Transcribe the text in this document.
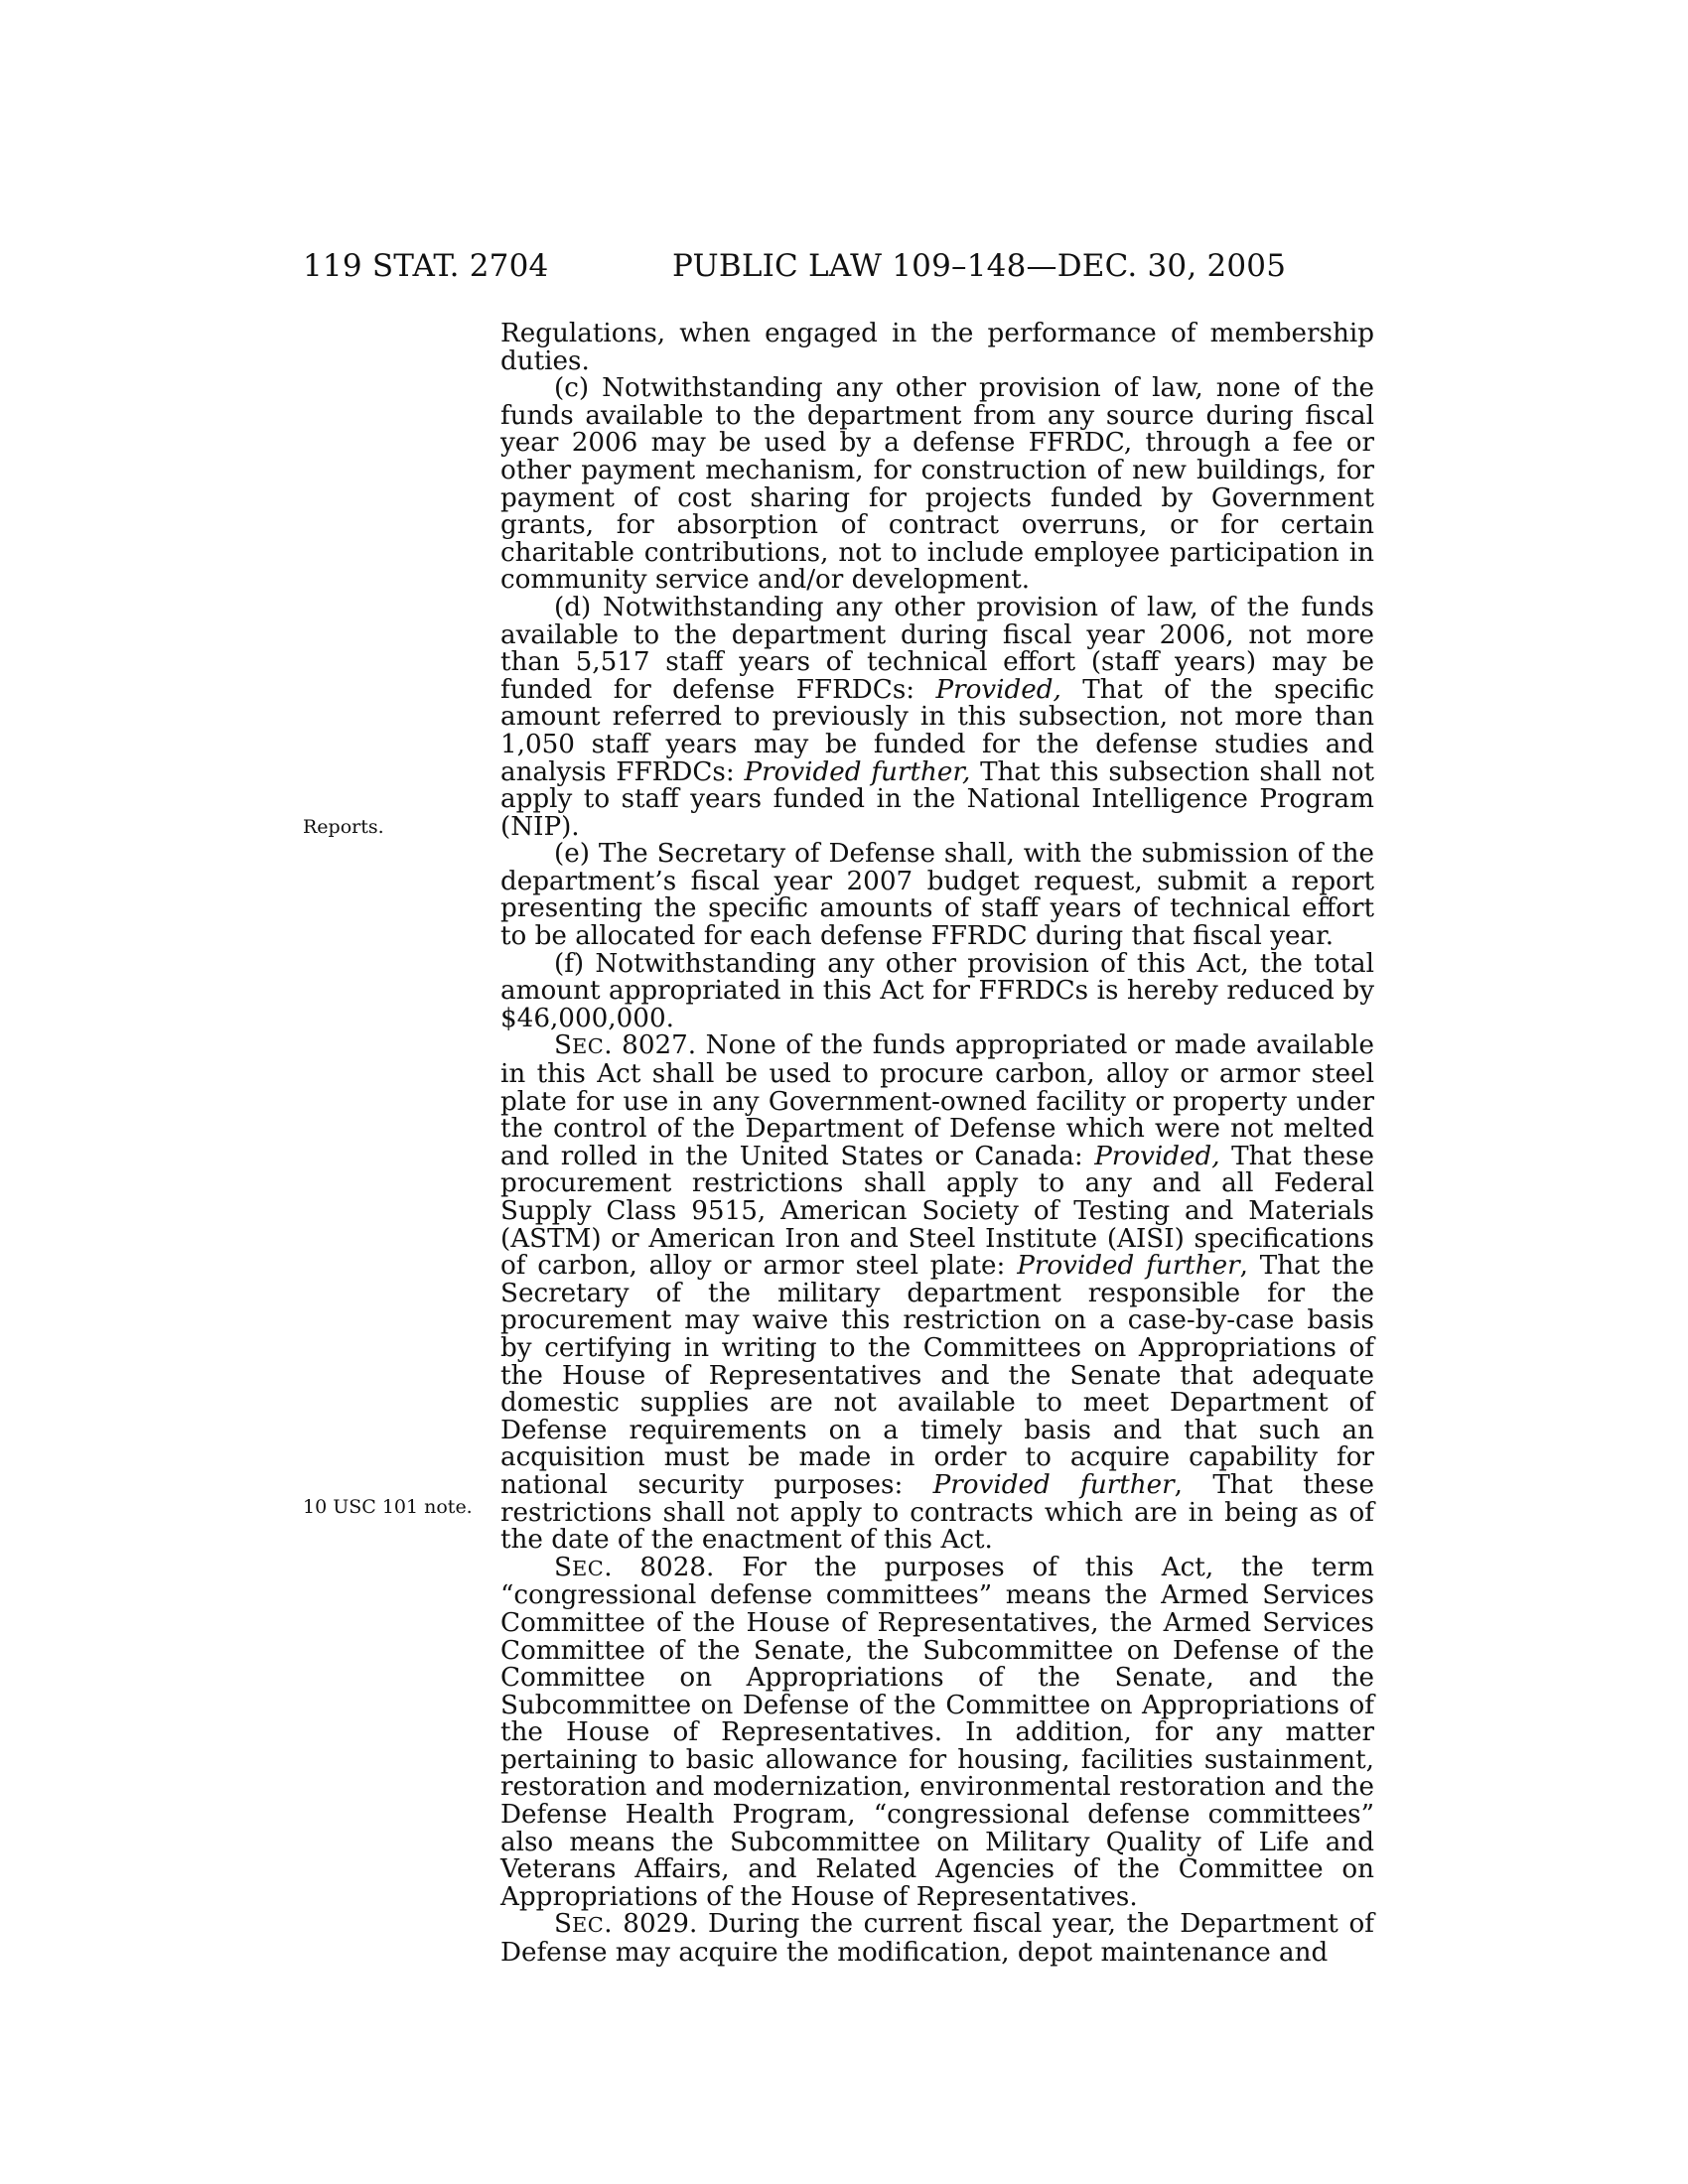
119 STAT. 2704	PUBLIC LAW 109–148—DEC. 30, 2005
Reports.
10 USC 101 note.

Regulations, when engaged in the performance of membership duties.

(c) Notwithstanding any other provision of law, none of the funds available to the department from any source during fiscal year 2006 may be used by a defense FFRDC, through a fee or other payment mechanism, for construction of new buildings, for payment of cost sharing for projects funded by Government grants, for absorption of contract overruns, or for certain charitable contributions, not to include employee participation in community service and/or development.

(d) Notwithstanding any other provision of law, of the funds available to the department during fiscal year 2006, not more than 5,517 staff years of technical effort (staff years) may be funded for defense FFRDCs: Provided, That of the specific amount referred to previously in this subsection, not more than 1,050 staff years may be funded for the defense studies and analysis FFRDCs: Provided further, That this subsection shall not apply to staff years funded in the National Intelligence Program (NIP).

(e) The Secretary of Defense shall, with the submission of the department’s fiscal year 2007 budget request, submit a report presenting the specific amounts of staff years of technical effort to be allocated for each defense FFRDC during that fiscal year.

(f) Notwithstanding any other provision of this Act, the total amount appropriated in this Act for FFRDCs is hereby reduced by $46,000,000.

SEC. 8027. None of the funds appropriated or made available in this Act shall be used to procure carbon, alloy or armor steel plate for use in any Government-owned facility or property under the control of the Department of Defense which were not melted and rolled in the United States or Canada: Provided, That these procurement restrictions shall apply to any and all Federal Supply Class 9515, American Society of Testing and Materials (ASTM) or American Iron and Steel Institute (AISI) specifications of carbon, alloy or armor steel plate: Provided further, That the Secretary of the military department responsible for the procurement may waive this restriction on a case-by-case basis by certifying in writing to the Committees on Appropriations of the House of Representatives and the Senate that adequate domestic supplies are not available to meet Department of Defense requirements on a timely basis and that such an acquisition must be made in order to acquire capability for national security purposes: Provided further, That these restrictions shall not apply to contracts which are in being as of the date of the enactment of this Act.

SEC. 8028. For the purposes of this Act, the term “congressional defense committees” means the Armed Services Committee of the House of Representatives, the Armed Services Committee of the Senate, the Subcommittee on Defense of the Committee on Appropriations of the Senate, and the Subcommittee on Defense of the Committee on Appropriations of the House of Representatives. In addition, for any matter pertaining to basic allowance for housing, facilities sustainment, restoration and modernization, environmental restoration and the Defense Health Program, “congressional defense committees” also means the Subcommittee on Military Quality of Life and Veterans Affairs, and Related Agencies of the Committee on Appropriations of the House of Representatives.

SEC. 8029. During the current fiscal year, the Department of Defense may acquire the modification, depot maintenance and
